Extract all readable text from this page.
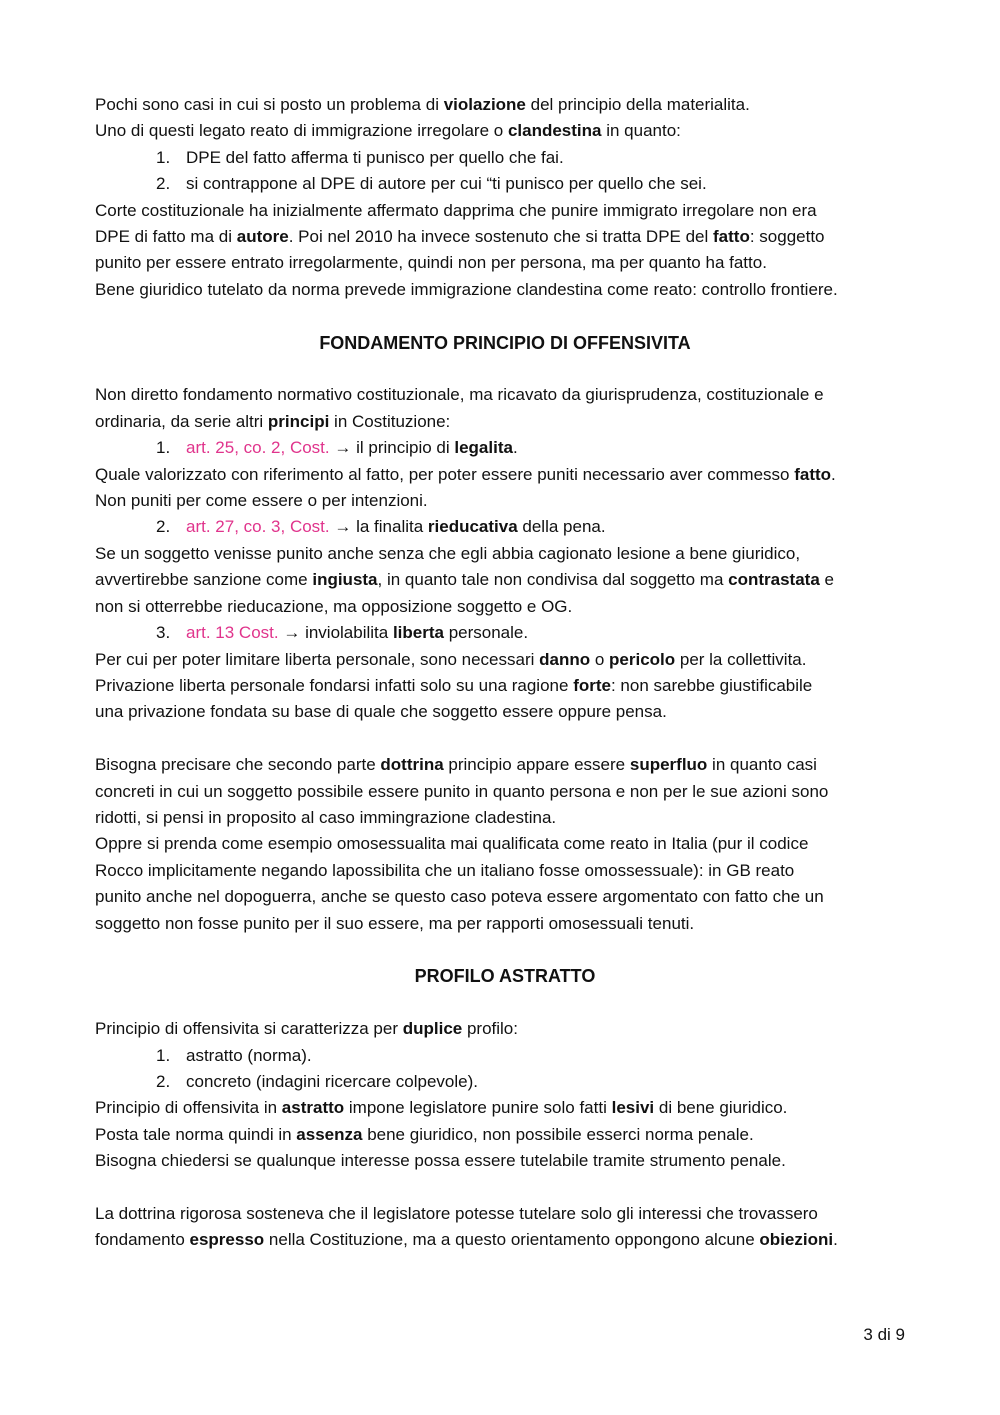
Pochi sono casi in cui si posto un problema di violazione del principio della materialita.
Uno di questi legato reato di immigrazione irregolare o clandestina in quanto:
1. DPE del fatto afferma ti punisco per quello che fai.
2. si contrappone al DPE di autore per cui “ti punisco per quello che sei.
Corte costituzionale ha inizialmente affermato dapprima che punire immigrato irregolare non era
DPE di fatto ma di autore. Poi nel 2010 ha invece sostenuto che si tratta DPE del fatto: soggetto
punito per essere entrato irregolarmente, quindi non per persona, ma per quanto ha fatto.
Bene giuridico tutelato da norma prevede immigrazione clandestina come reato: controllo frontiere.
FONDAMENTO PRINCIPIO DI OFFENSIVITA
Non diretto fondamento normativo costituzionale, ma ricavato da giurisprudenza, costituzionale e
ordinaria, da serie altri principi in Costituzione:
1. art. 25, co. 2, Cost. → il principio di legalita.
Quale valorizzato con riferimento al fatto, per poter essere puniti necessario aver commesso fatto.
Non puniti per come essere o per intenzioni.
2. art. 27, co. 3, Cost. → la finalita rieducativa della pena.
Se un soggetto venisse punito anche senza che egli abbia cagionato lesione a bene giuridico,
avvertirebbe sanzione come ingiusta, in quanto tale non condivisa dal soggetto ma contrastata e
non si otterrebbe rieducazione, ma opposizione soggetto e OG.
3. art. 13 Cost. → inviolabilita liberta personale.
Per cui per poter limitare liberta personale, sono necessari danno o pericolo per la collettivita.
Privazione liberta personale fondarsi infatti solo su una ragione forte: non sarebbe giustificabile
una privazione fondata su base di quale che soggetto essere oppure pensa.
Bisogna precisare che secondo parte dottrina principio appare essere superfluo in quanto casi
concreti in cui un soggetto possibile essere punito in quanto persona e non per le sue azioni sono
ridotti, si pensi in proposito al caso immingrazione cladestina.
Oppre si prenda come esempio omosessualita mai qualificata come reato in Italia (pur il codice
Rocco implicitamente negando lapossibilita che un italiano fosse omossessuale): in GB reato
punito anche nel dopoguerra, anche se questo caso poteva essere argomentato con fatto che un
soggetto non fosse punito per il suo essere, ma per rapporti omosessuali tenuti.
PROFILO ASTRATTO
Principio di offensivita si caratterizza per duplice profilo:
1. astratto (norma).
2. concreto (indagini ricercare colpevole).
Principio di offensivita in astratto impone legislatore punire solo fatti lesivi di bene giuridico.
Posta tale norma quindi in assenza bene giuridico, non possibile esserci norma penale.
Bisogna chiedersi se qualunque interesse possa essere tutelabile tramite strumento penale.
La dottrina rigorosa sosteneva che il legislatore potesse tutelare solo gli interessi che trovassero
fondamento espresso nella Costituzione, ma a questo orientamento oppongono alcune obiezioni.
3 di 9
